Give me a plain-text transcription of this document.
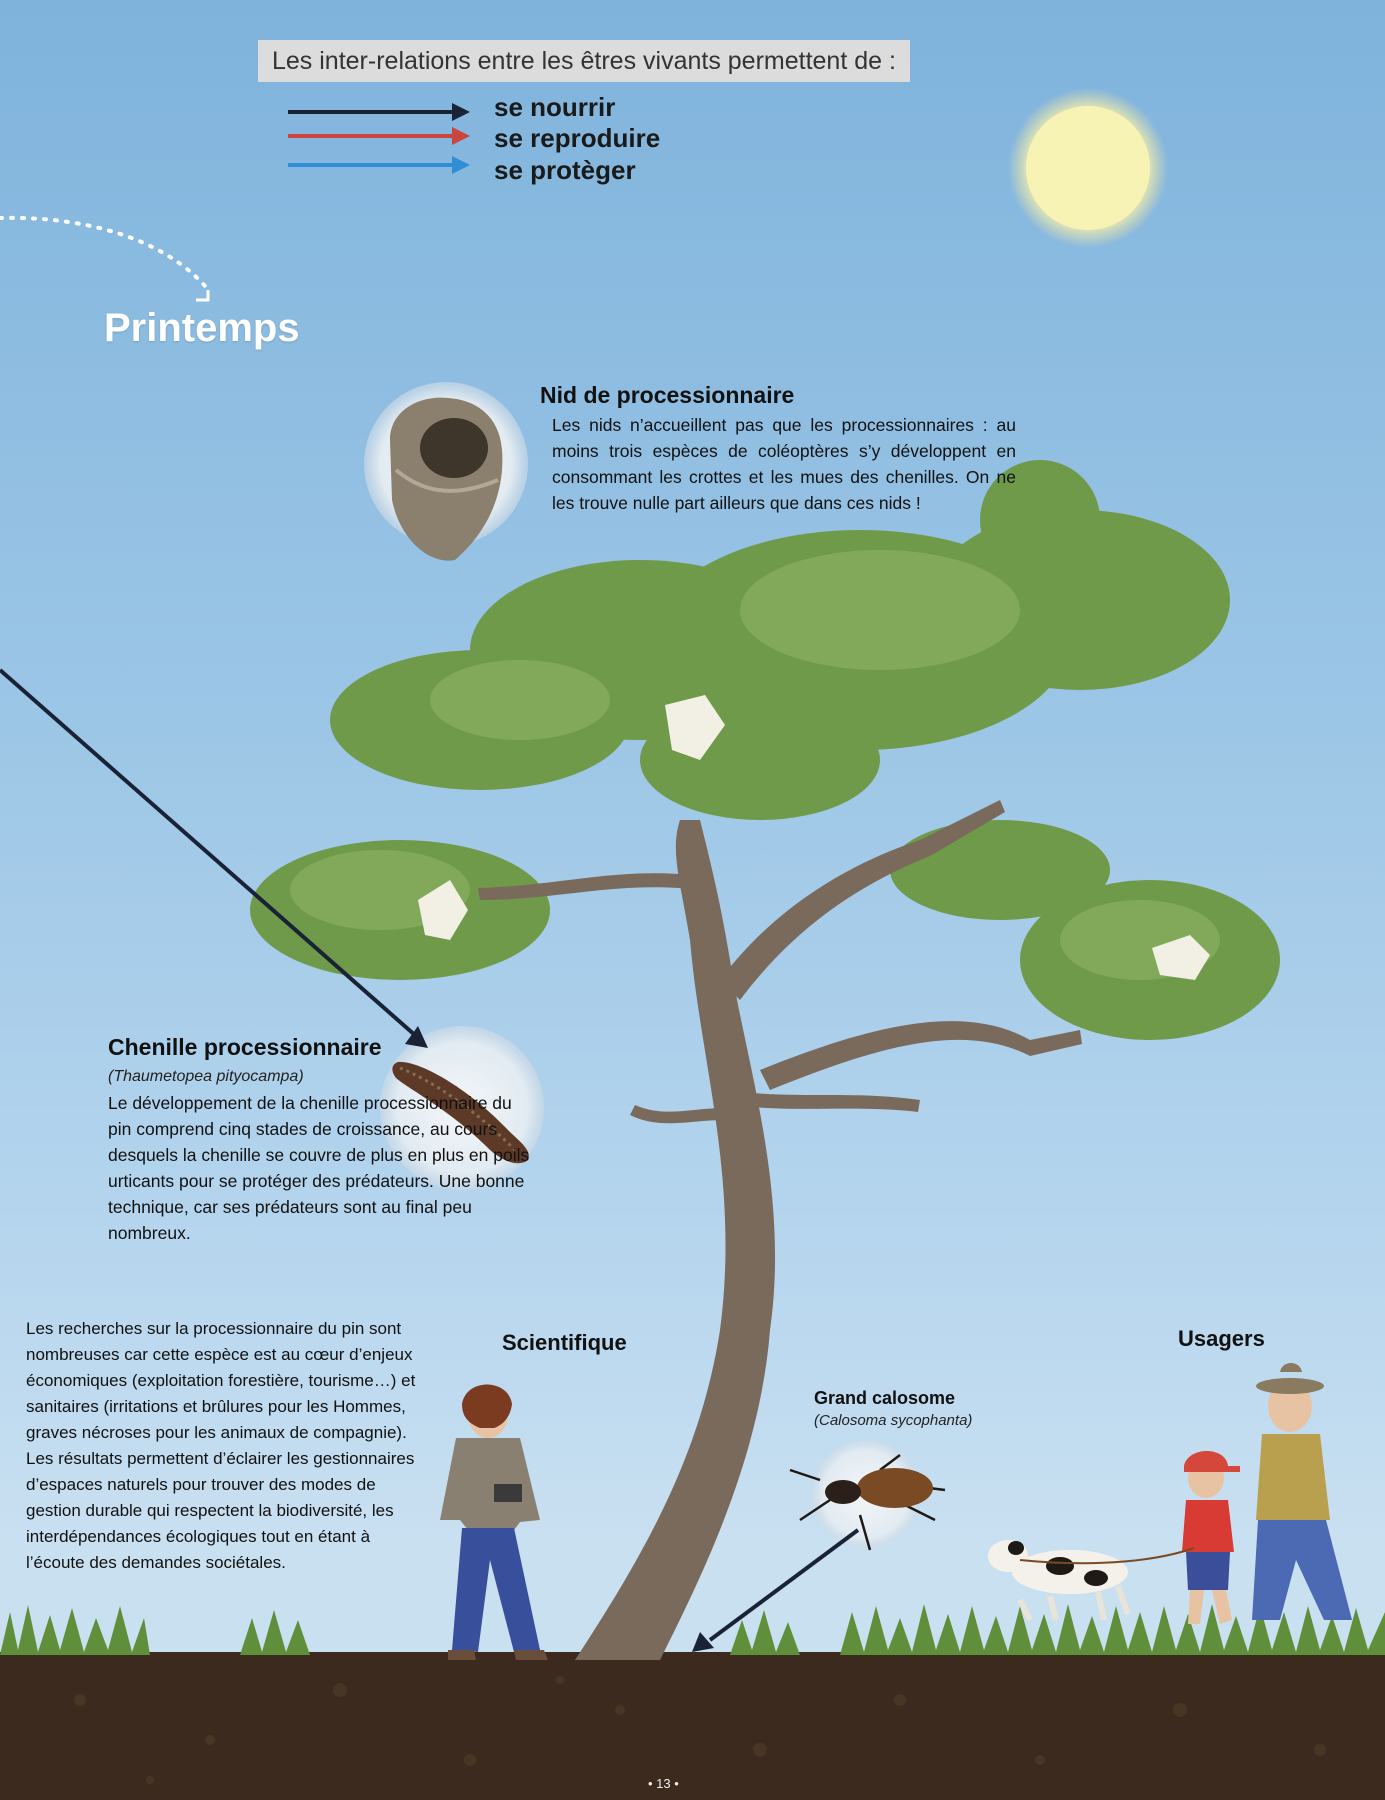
Les inter-relations entre les êtres vivants permettent de :
se nourrir
se reproduire
se protèger
Printemps
Nid de processionnaire
Les nids n’accueillent pas que les processionnaires : au moins trois espèces de coléoptères s’y développent en consommant les crottes et les mues des chenilles. On ne les trouve nulle part ailleurs que dans ces nids !
Chenille processionnaire
(Thaumetopea pityocampa)
Le développement de la chenille processionnaire du pin comprend cinq stades de croissance, au cours desquels la chenille se couvre de plus en plus en poils urticants pour se protéger des prédateurs. Une bonne technique, car ses prédateurs sont au final peu nombreux.
Les recherches sur la processionnaire du pin sont nombreuses car cette espèce est au cœur d’enjeux économiques (exploitation forestière, tourisme…) et sanitaires (irritations et brûlures pour les Hommes, graves nécroses pour les animaux de compagnie). Les résultats permettent d’éclairer les gestionnaires d’espaces naturels pour trouver des modes de gestion durable qui respectent la biodiversité, les interdépendances écologiques tout en étant à l’écoute des demandes sociétales.
Scientifique
Grand calosome
(Calosoma sycophanta)
Usagers
• 13 •
